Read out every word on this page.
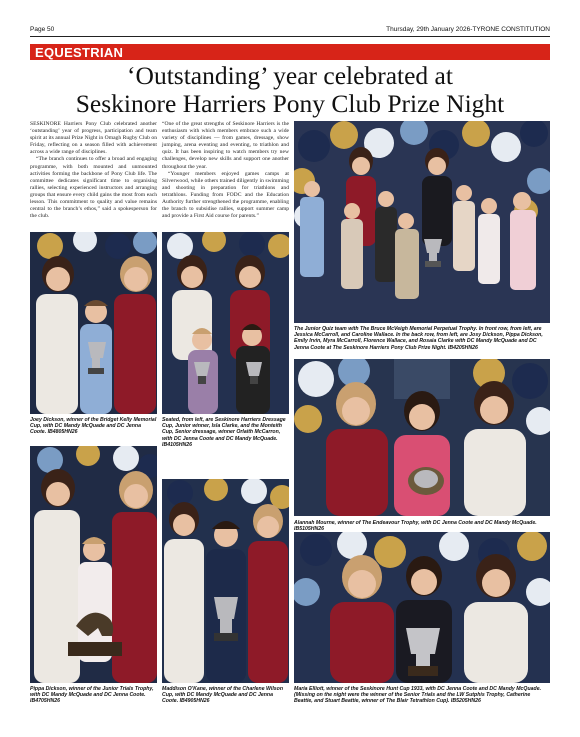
Page 50	Thursday, 29th January 2026-TYRONE CONSTITUTION
EQUESTRIAN
‘Outstanding’ year celebrated at
Seskinore Harriers Pony Club Prize Night

SESKINORE Harriers Pony Club celebrated another ‘outstanding’ year of progress, participation and team spirit at its annual Prize Night in Omagh Rugby Club on Friday, reflecting on a season filled with achievement across a wide range of disciplines.

“The branch continues to offer a broad and engaging programme, with both mounted and unmounted activities forming the backbone of Pony Club life. The committee dedicates significant time to organising rallies, selecting experienced instructors and arranging groups that ensure every child gains the most from each lesson. This commitment to quality and value remains central to the branch’s ethos,” said a spokesperson for the club.

“One of the great strengths of Seskinore Harriers is the enthusiasm with which members embrace such a wide variety of disciplines — from games, dressage, show jumping, arena eventing and eventing, to triathlon and quiz. It has been inspiring to watch members try new challenges, develop new skills and support one another throughout the year.

“Younger members enjoyed games camps at Silverwood, while others trained diligently in swimming and shooting in preparation for triathlons and tetrathlons. Funding from FODC and the Education Authority further strengthened the programme, enabling the branch to subsidise rallies, support summer camp and provide a First Aid course for parents.”

The Junior Quiz team with The Bruce McVeigh Memorial Perpetual Trophy. In front row, from left, are Jessica McCarroll, and Caroline Wallace. In the back row, from left, are Josy Dickson, Pippa Dickson, Emily Irvin, Myra McCarroll, Florence Wallace, and Rosaia Clarke with DC Mandy McQuade and DC Jenna Coote at The Seskinore Harriers Pony Club Prize Night. IB4205HN26
Joey Dickson, winner of the Bridget Kelly Memorial Cup, with DC Mandy McQuade and DC Jenna Coote. IB4805HN26
Seated, from left, are Seskinore Harriers Dressage Cup, Junior winner, Isla Clarke, and the Monteith Cup, Senior dressage, winner Orlaith McCarron, with DC Jenna Coote and DC Mandy McQuade. IB4105HN26
Alannah Mourne, winner of The Endeavour Trophy, with DC Jenna Coote and DC Mandy McQuade. IB5105HN26
Pippa Dickson, winner of the Junior Trials Trophy, with DC Mandy McQuade and DC Jenna Coote. IB4705HN26
Maddison O’Kane, winner of the Charlene Wilson Cup, with DC Mandy McQuade and DC Jenna Coote. IB4905HN26
Maria Elliott, winner of the Seskinore Hunt Cup 1933, with DC Jenna Coote and DC Mandy McQuade. (Missing on the night were the winner of the Senior Trials and the LW Sutphis Trophy, Catherine Beattie, and Stuart Beattie, winner of The Blair Tetrathlon Cup). IB5205HN26
